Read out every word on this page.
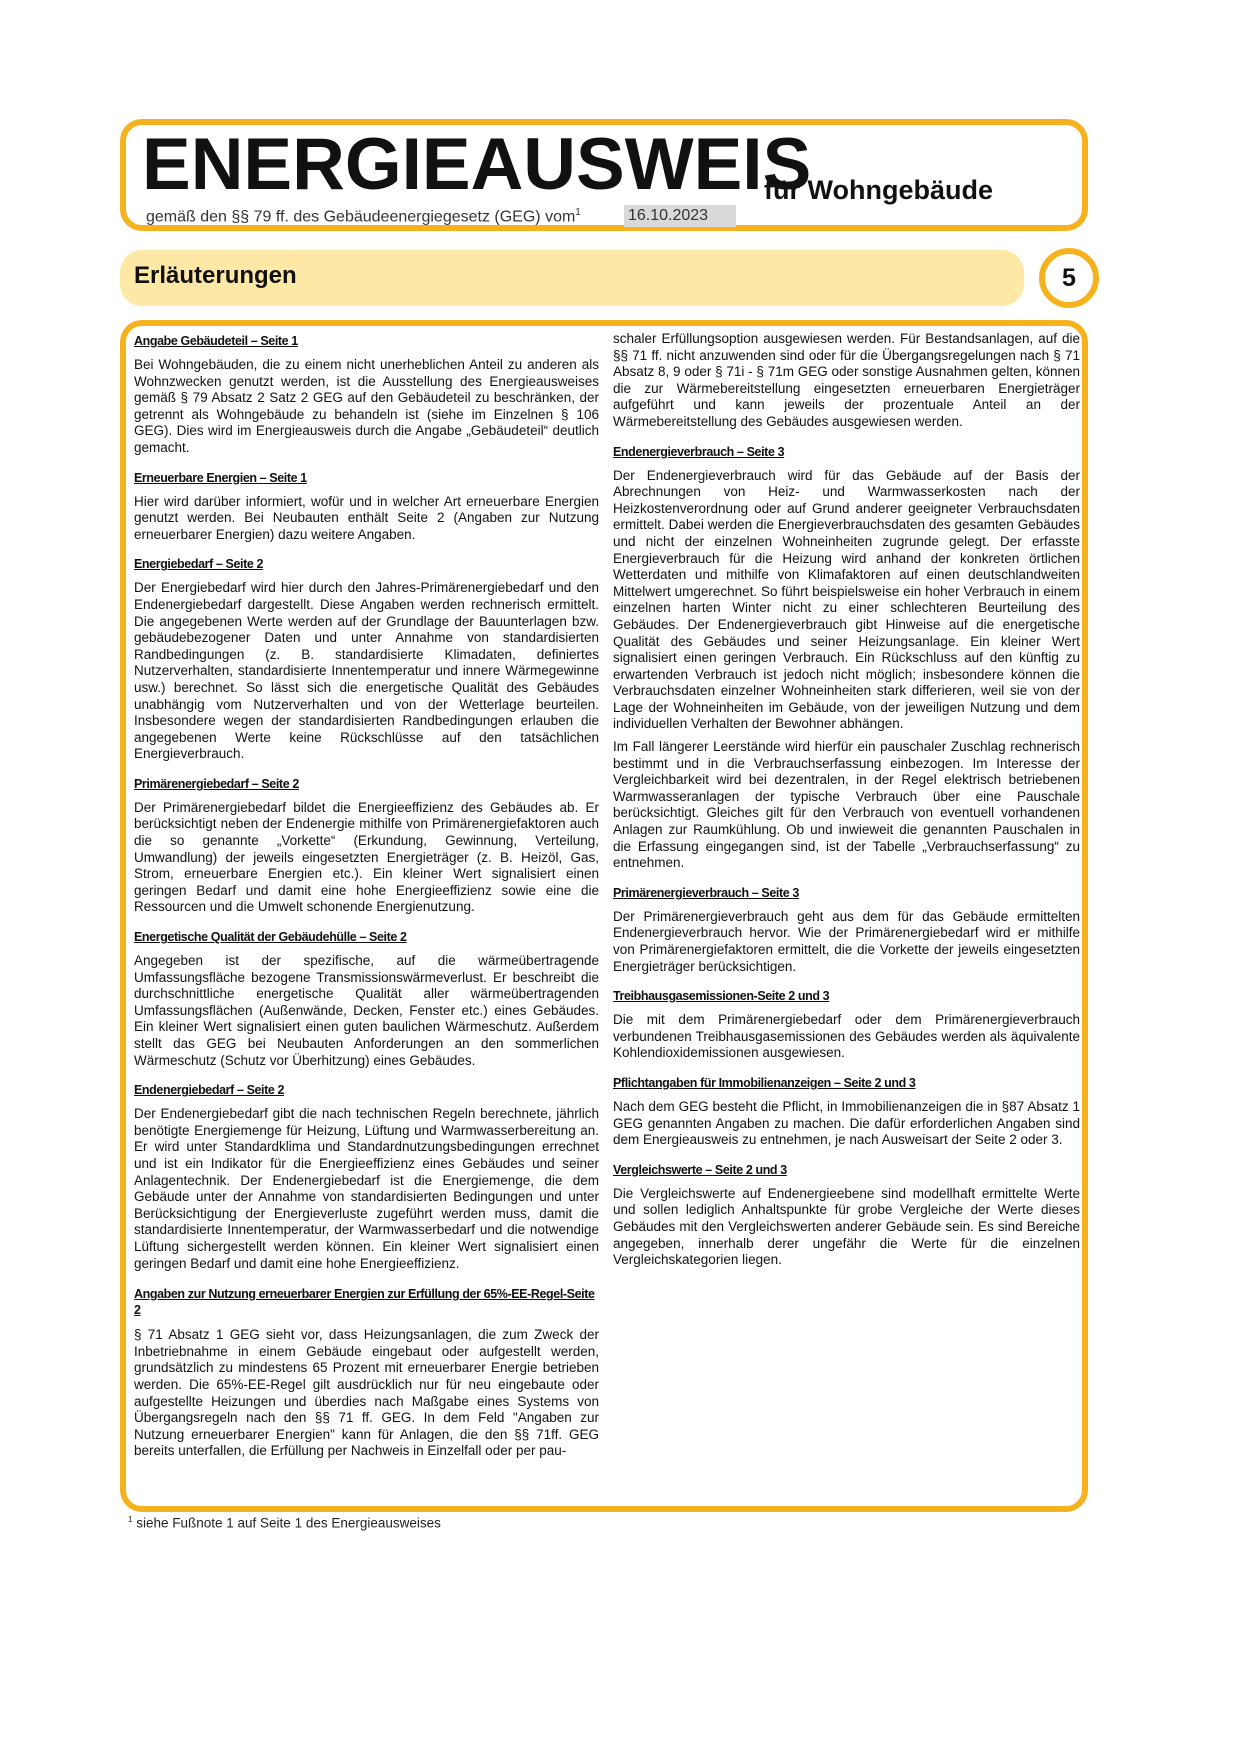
ENERGIEAUSWEIS
für Wohngebäude
gemäß den §§ 79 ff. des Gebäudeenergiegesetz (GEG) vom$^1$	16.10.2023
Erläuterungen	5
Angabe Gebäudeteil – Seite 1
Bei Wohngebäuden, die zu einem nicht unerheblichen Anteil zu anderen als Wohnzwecken genutzt werden, ist die Ausstellung des Energieausweises gemäß § 79 Absatz 2 Satz 2 GEG auf den Gebäudeteil zu beschränken, der getrennt als Wohngebäude zu behandeln ist (siehe im Einzelnen § 106 GEG). Dies wird im Energieausweis durch die Angabe „Gebäudeteil“ deutlich gemacht.
Erneuerbare Energien – Seite 1
Hier wird darüber informiert, wofür und in welcher Art erneuerbare Energien genutzt werden. Bei Neubauten enthält Seite 2 (Angaben zur Nutzung erneuerbarer Energien) dazu weitere Angaben.
Energiebedarf – Seite 2
Der Energiebedarf wird hier durch den Jahres-Primärenergiebedarf und den Endenergiebedarf dargestellt. Diese Angaben werden rechnerisch ermittelt. Die angegebenen Werte werden auf der Grundlage der Bauunterlagen bzw. gebäudebezogener Daten und unter Annahme von standardisierten Randbedingungen (z. B. standardisierte Klimadaten, definiertes Nutzerverhalten, standardisierte Innentemperatur und innere Wärmegewinne usw.) berechnet. So lässt sich die energetische Qualität des Gebäudes unabhängig vom Nutzerverhalten und von der Wetterlage beurteilen. Insbesondere wegen der standardisierten Randbedingungen erlauben die angegebenen Werte keine Rückschlüsse auf den tatsächlichen Energieverbrauch.
Primärenergiebedarf – Seite 2
Der Primärenergiebedarf bildet die Energieeffizienz des Gebäudes ab. Er berücksichtigt neben der Endenergie mithilfe von Primärenergiefaktoren auch die so genannte „Vorkette“ (Erkundung, Gewinnung, Verteilung, Umwandlung) der jeweils eingesetzten Energieträger (z. B. Heizöl, Gas, Strom, erneuerbare Energien etc.). Ein kleiner Wert signalisiert einen geringen Bedarf und damit eine hohe Energieeffizienz sowie eine die Ressourcen und die Umwelt schonende Energienutzung.
Energetische Qualität der Gebäudehülle – Seite 2
Angegeben ist der spezifische, auf die wärmeübertragende Umfassungsfläche bezogene Transmissionswärmeverlust. Er beschreibt die durchschnittliche energetische Qualität aller wärmeübertragenden Umfassungsflächen (Außenwände, Decken, Fenster etc.) eines Gebäudes. Ein kleiner Wert signalisiert einen guten baulichen Wärmeschutz. Außerdem stellt das GEG bei Neubauten Anforderungen an den sommerlichen Wärmeschutz (Schutz vor Überhitzung) eines Gebäudes.
Endenergiebedarf – Seite 2
Der Endenergiebedarf gibt die nach technischen Regeln berechnete, jährlich benötigte Energiemenge für Heizung, Lüftung und Warmwasserbereitung an. Er wird unter Standardklima und Standardnutzungsbedingungen errechnet und ist ein Indikator für die Energieeffizienz eines Gebäudes und seiner Anlagentechnik. Der Endenergiebedarf ist die Energiemenge, die dem Gebäude unter der Annahme von standardisierten Bedingungen und unter Berücksichtigung der Energieverluste zugeführt werden muss, damit die standardisierte Innentemperatur, der Warmwasserbedarf und die notwendige Lüftung sichergestellt werden können. Ein kleiner Wert signalisiert einen geringen Bedarf und damit eine hohe Energieeffizienz.
Angaben zur Nutzung erneuerbarer Energien zur Erfüllung der 65%-EE-Regel-Seite 2
§ 71 Absatz 1 GEG sieht vor, dass Heizungsanlagen, die zum Zweck der Inbetriebnahme in einem Gebäude eingebaut oder aufgestellt werden, grundsätzlich zu mindestens 65 Prozent mit erneuerbarer Energie betrieben werden. Die 65%-EE-Regel gilt ausdrücklich nur für neu eingebaute oder aufgestellte Heizungen und überdies nach Maßgabe eines Systems von Übergangsregeln nach den §§ 71 ff. GEG. In dem Feld "Angaben zur Nutzung erneuerbarer Energien" kann für Anlagen, die den §§ 71ff. GEG bereits unterfallen, die Erfüllung per Nachweis in Einzelfall oder per pau-
schaler Erfüllungsoption ausgewiesen werden. Für Bestandsanlagen, auf die §§ 71 ff. nicht anzuwenden sind oder für die Übergangsregelungen nach § 71 Absatz 8, 9 oder § 71i - § 71m GEG oder sonstige Ausnahmen gelten, können die zur Wärmebereitstellung eingesetzten erneuerbaren Energieträger aufgeführt und kann jeweils der prozentuale Anteil an der Wärmebereitstellung des Gebäudes ausgewiesen werden.
Endenergieverbrauch – Seite 3
Der Endenergieverbrauch wird für das Gebäude auf der Basis der Abrechnungen von Heiz- und Warmwasserkosten nach der Heizkostenverordnung oder auf Grund anderer geeigneter Verbrauchsdaten ermittelt. Dabei werden die Energieverbrauchsdaten des gesamten Gebäudes und nicht der einzelnen Wohneinheiten zugrunde gelegt. Der erfasste Energieverbrauch für die Heizung wird anhand der konkreten örtlichen Wetterdaten und mithilfe von Klimafaktoren auf einen deutschlandweiten Mittelwert umgerechnet. So führt beispielsweise ein hoher Verbrauch in einem einzelnen harten Winter nicht zu einer schlechteren Beurteilung des Gebäudes. Der Endenergieverbrauch gibt Hinweise auf die energetische Qualität des Gebäudes und seiner Heizungsanlage. Ein kleiner Wert signalisiert einen geringen Verbrauch. Ein Rückschluss auf den künftig zu erwartenden Verbrauch ist jedoch nicht möglich; insbesondere können die Verbrauchsdaten einzelner Wohneinheiten stark differieren, weil sie von der Lage der Wohneinheiten im Gebäude, von der jeweiligen Nutzung und dem individuellen Verhalten der Bewohner abhängen.
Im Fall längerer Leerstände wird hierfür ein pauschaler Zuschlag rechnerisch bestimmt und in die Verbrauchserfassung einbezogen. Im Interesse der Vergleichbarkeit wird bei dezentralen, in der Regel elektrisch betriebenen Warmwasseranlagen der typische Verbrauch über eine Pauschale berücksichtigt. Gleiches gilt für den Verbrauch von eventuell vorhandenen Anlagen zur Raumkühlung. Ob und inwieweit die genannten Pauschalen in die Erfassung eingegangen sind, ist der Tabelle „Verbrauchserfassung“ zu entnehmen.
Primärenergieverbrauch – Seite 3
Der Primärenergieverbrauch geht aus dem für das Gebäude ermittelten Endenergieverbrauch hervor. Wie der Primärenergiebedarf wird er mithilfe von Primärenergiefaktoren ermittelt, die die Vorkette der jeweils eingesetzten Energieträger berücksichtigen.
Treibhausgasemissionen-Seite 2 und 3
Die mit dem Primärenergiebedarf oder dem Primärenergieverbrauch verbundenen Treibhausgasemissionen des Gebäudes werden als äquivalente Kohlendioxidemissionen ausgewiesen.
Pflichtangaben für Immobilienanzeigen – Seite 2 und 3
Nach dem GEG besteht die Pflicht, in Immobilienanzeigen die in §87 Absatz 1 GEG genannten Angaben zu machen. Die dafür erforderlichen Angaben sind dem Energieausweis zu entnehmen, je nach Ausweisart der Seite 2 oder 3.
Vergleichswerte – Seite 2 und 3
Die Vergleichswerte auf Endenergieebene sind modellhaft ermittelte Werte und sollen lediglich Anhaltspunkte für grobe Vergleiche der Werte dieses Gebäudes mit den Vergleichswerten anderer Gebäude sein. Es sind Bereiche angegeben, innerhalb derer ungefähr die Werte für die einzelnen Vergleichskategorien liegen.
$^1$ siehe Fußnote 1 auf Seite 1 des Energieausweises
